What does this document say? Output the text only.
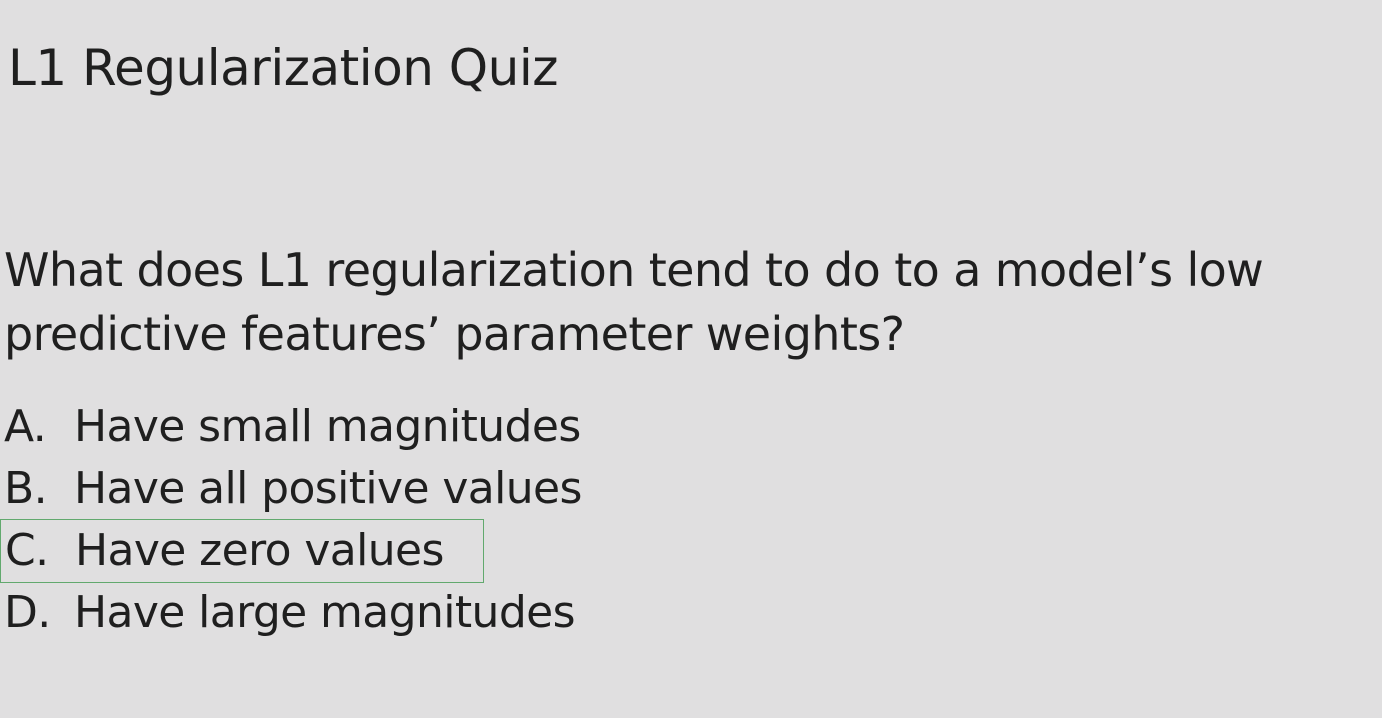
L1 Regularization Quiz
What does L1 regularization tend to do to a model’s low predictive features’ parameter weights?
A. Have small magnitudes
B. Have all positive values
C. Have zero values
D. Have large magnitudes
